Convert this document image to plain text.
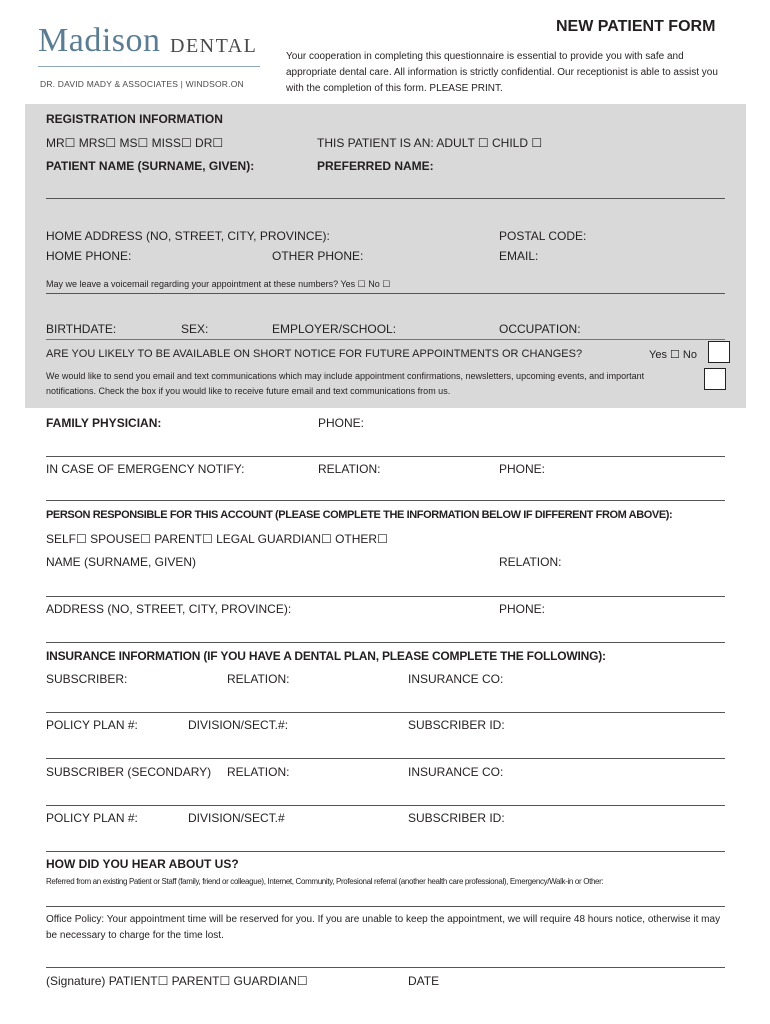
Madison DENTAL
DR. DAVID MADY & ASSOCIATES | WINDSOR.ON
NEW PATIENT FORM
Your cooperation in completing this questionnaire is essential to provide you with safe and appropriate dental care. All information is strictly confidential. Our receptionist is able to assist you with the completion of this form. PLEASE PRINT.
REGISTRATION INFORMATION
MR☐ MRS☐ MS☐ MISS☐ DR☐	THIS PATIENT IS AN: ADULT ☐ CHILD ☐
PATIENT NAME (SURNAME, GIVEN):	PREFERRED NAME:
HOME ADDRESS (NO, STREET, CITY, PROVINCE):	POSTAL CODE:
HOME PHONE:	OTHER PHONE:	EMAIL:
May we leave a voicemail regarding your appointment at these numbers? Yes ☐ No ☐
BIRTHDATE:	SEX:	EMPLOYER/SCHOOL:	OCCUPATION:
ARE YOU LIKELY TO BE AVAILABLE ON SHORT NOTICE FOR FUTURE APPOINTMENTS OR CHANGES?	Yes ☐ No
We would like to send you email and text communications which may include appointment confirmations, newsletters, upcoming events, and important notifications. Check the box if you would like to receive future email and text communications from us.
FAMILY PHYSICIAN:	PHONE:
IN CASE OF EMERGENCY NOTIFY:	RELATION:	PHONE:
PERSON RESPONSIBLE FOR THIS ACCOUNT (PLEASE COMPLETE THE INFORMATION BELOW IF DIFFERENT FROM ABOVE):
SELF☐ SPOUSE☐ PARENT☐ LEGAL GUARDIAN☐ OTHER☐
NAME (SURNAME, GIVEN)	RELATION:
ADDRESS (NO, STREET, CITY, PROVINCE):	PHONE:
INSURANCE INFORMATION (IF YOU HAVE A DENTAL PLAN, PLEASE COMPLETE THE FOLLOWING):
SUBSCRIBER:	RELATION:	INSURANCE CO:
POLICY PLAN #:	DIVISION/SECT.#:	SUBSCRIBER ID:
SUBSCRIBER (SECONDARY) RELATION:	INSURANCE CO:
POLICY PLAN #:	DIVISION/SECT.#	SUBSCRIBER ID:
HOW DID YOU HEAR ABOUT US?
Referred from an existing Patient or Staff (family, friend or colleague), Internet, Community, Profesional referral (another health care professional), Emergency/Walk-in or Other:
Office Policy: Your appointment time will be reserved for you. If you are unable to keep the appointment, we will require 48 hours notice, otherwise it may be necessary to charge for the time lost.
(Signature) PATIENT☐ PARENT☐ GUARDIAN☐	DATE
